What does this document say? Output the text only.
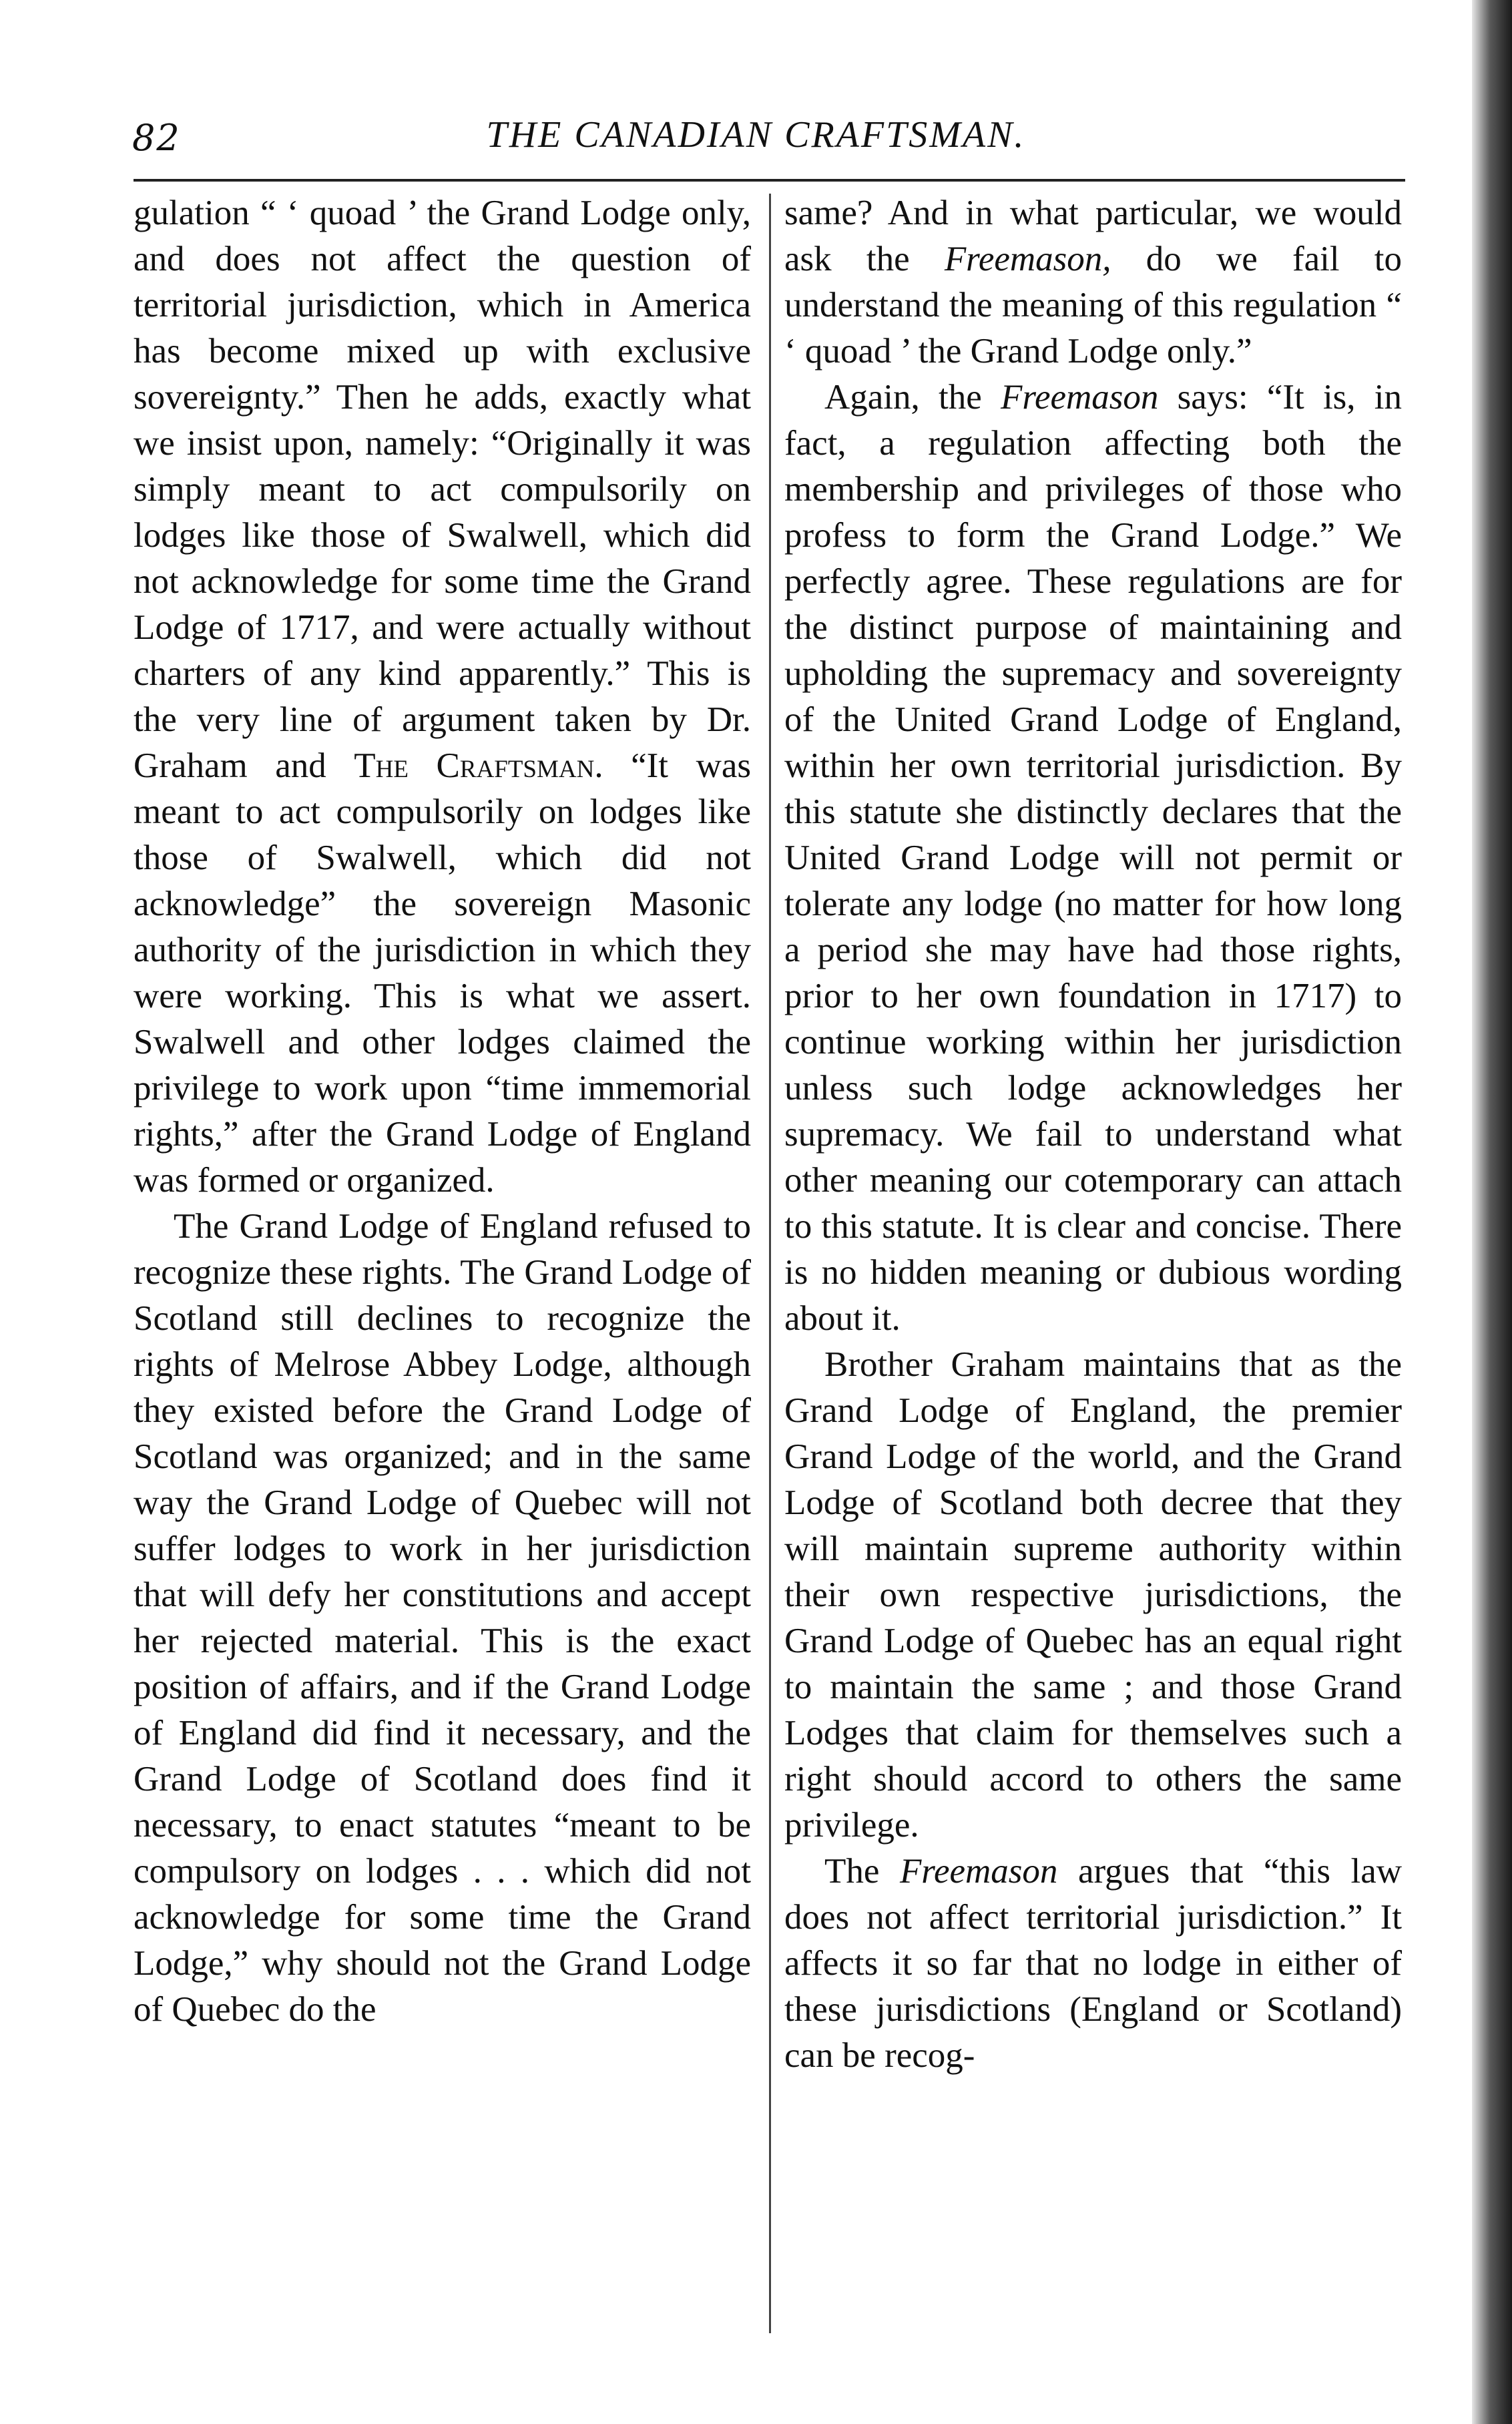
82	THE CANADIAN CRAFTSMAN.

gulation “ ‘ quoad ’ the Grand Lodge only, and does not affect the question of territorial jurisdiction, which in America has become mixed up with exclusive sovereignty.” Then he adds, exactly what we insist upon, namely: “Originally it was simply meant to act compulsorily on lodges like those of Swalwell, which did not acknowledge for some time the Grand Lodge of 1717, and were actually without charters of any kind apparently.” This is the very line of argument taken by Dr. Graham and The Craftsman. “It was meant to act compulsorily on lodges like those of Swalwell, which did not acknowledge” the sovereign Masonic authority of the jurisdiction in which they were working. This is what we assert. Swalwell and other lodges claimed the privilege to work upon “time immemorial rights,” after the Grand Lodge of England was formed or organized.

The Grand Lodge of England refused to recognize these rights. The Grand Lodge of Scotland still declines to recognize the rights of Melrose Abbey Lodge, although they existed before the Grand Lodge of Scotland was organized; and in the same way the Grand Lodge of Quebec will not suffer lodges to work in her jurisdiction that will defy her constitutions and accept her rejected material. This is the exact position of affairs, and if the Grand Lodge of England did find it necessary, and the Grand Lodge of Scotland does find it necessary, to enact statutes “meant to be compulsory on lodges . . . which did not acknowledge for some time the Grand Lodge,” why should not the Grand Lodge of Quebec do the

same? And in what particular, we would ask the Freemason, do we fail to understand the meaning of this regulation “ ‘ quoad ’ the Grand Lodge only.”

Again, the Freemason says: “It is, in fact, a regulation affecting both the membership and privileges of those who profess to form the Grand Lodge.” We perfectly agree. These regulations are for the distinct purpose of maintaining and upholding the supremacy and sovereignty of the United Grand Lodge of England, within her own territorial jurisdiction. By this statute she distinctly declares that the United Grand Lodge will not permit or tolerate any lodge (no matter for how long a period she may have had those rights, prior to her own foundation in 1717) to continue working within her jurisdiction unless such lodge acknowledges her supremacy. We fail to understand what other meaning our cotemporary can attach to this statute. It is clear and concise. There is no hidden meaning or dubious wording about it.

Brother Graham maintains that as the Grand Lodge of England, the premier Grand Lodge of the world, and the Grand Lodge of Scotland both decree that they will maintain supreme authority within their own respective jurisdictions, the Grand Lodge of Quebec has an equal right to maintain the same ; and those Grand Lodges that claim for themselves such a right should accord to others the same privilege.

The Freemason argues that “this law does not affect territorial jurisdiction.” It affects it so far that no lodge in either of these jurisdictions (England or Scotland) can be recog-
